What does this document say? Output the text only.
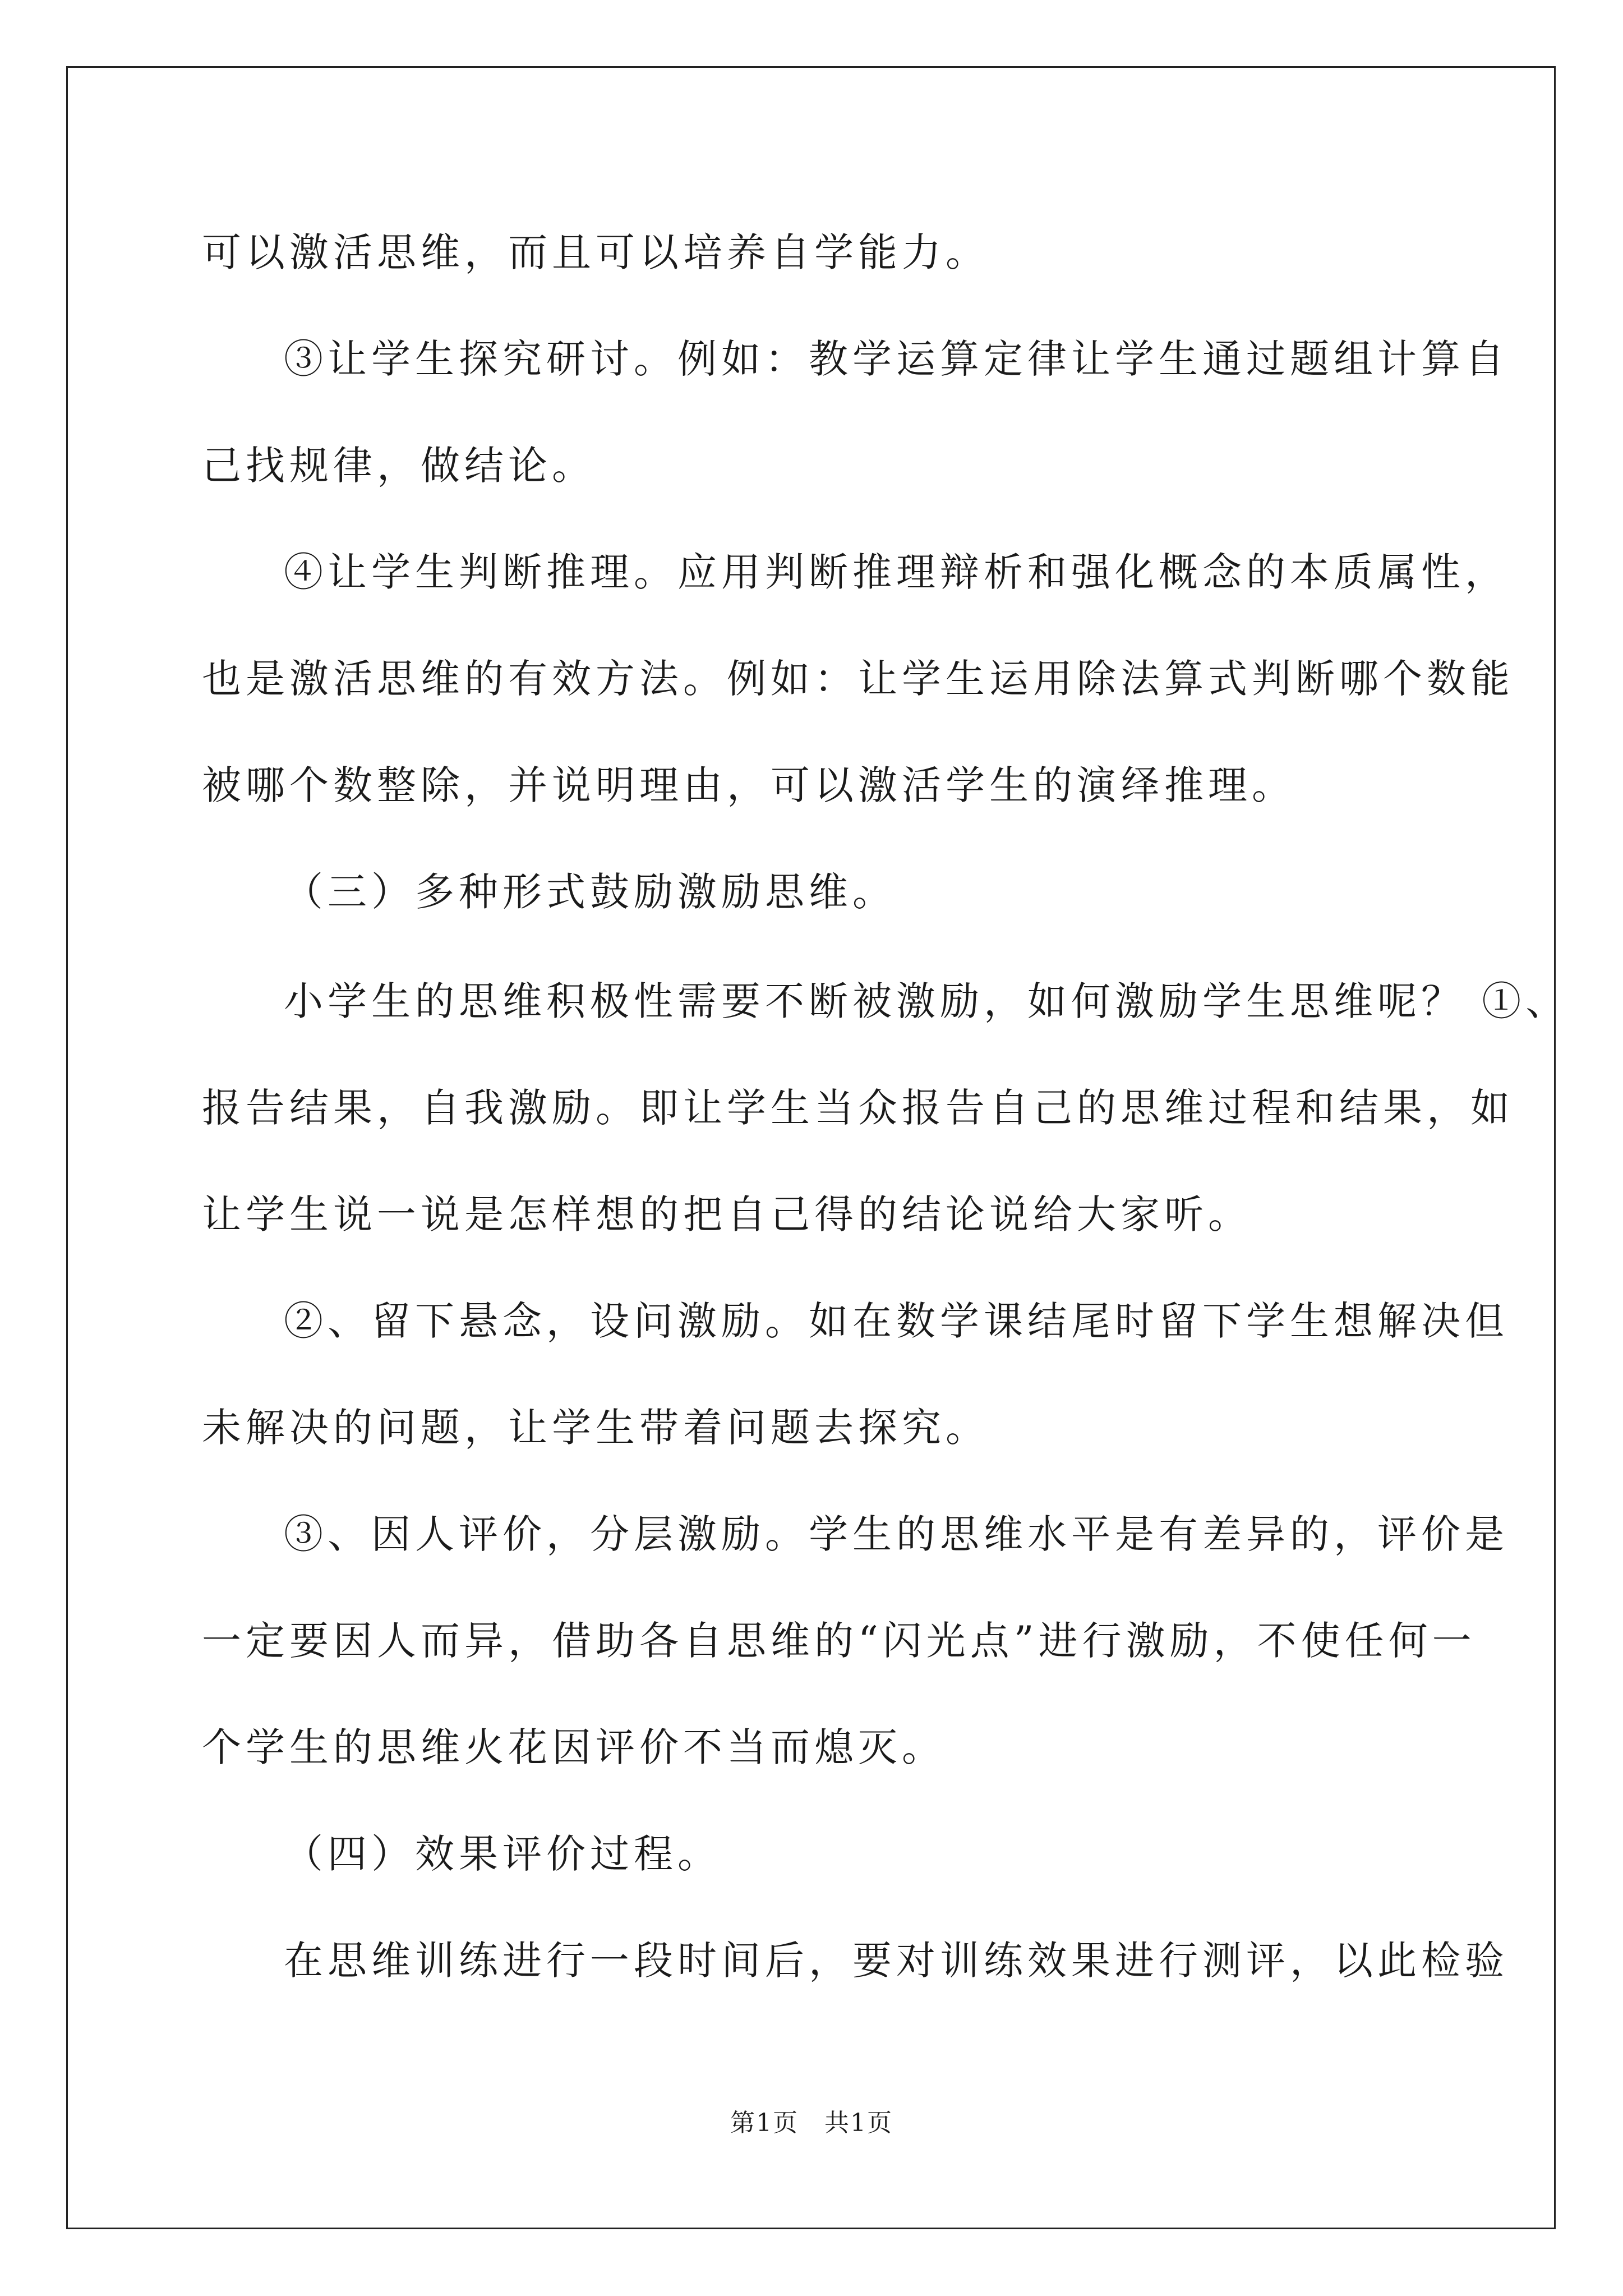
可以激活思维，而且可以培养自学能力。
③让学生探究研讨。例如：教学运算定律让学生通过题组计算自
己找规律，做结论。
④让学生判断推理。应用判断推理辩析和强化概念的本质属性，
也是激活思维的有效方法。例如：让学生运用除法算式判断哪个数能
被哪个数整除，并说明理由，可以激活学生的演绎推理。
（三）多种形式鼓励激励思维。
小学生的思维积极性需要不断被激励，如何激励学生思维呢？ ①、
报告结果，自我激励。即让学生当众报告自己的思维过程和结果，如
让学生说一说是怎样想的把自己得的结论说给大家听。
②、留下悬念，设问激励。如在数学课结尾时留下学生想解决但
未解决的问题，让学生带着问题去探究。
③、因人评价，分层激励。学生的思维水平是有差异的，评价是
一定要因人而异，借助各自思维的“闪光点”进行激励，不使任何一
个学生的思维火花因评价不当而熄灭。
（四）效果评价过程。
在思维训练进行一段时间后，要对训练效果进行测评，以此检验
第1页 共1页
